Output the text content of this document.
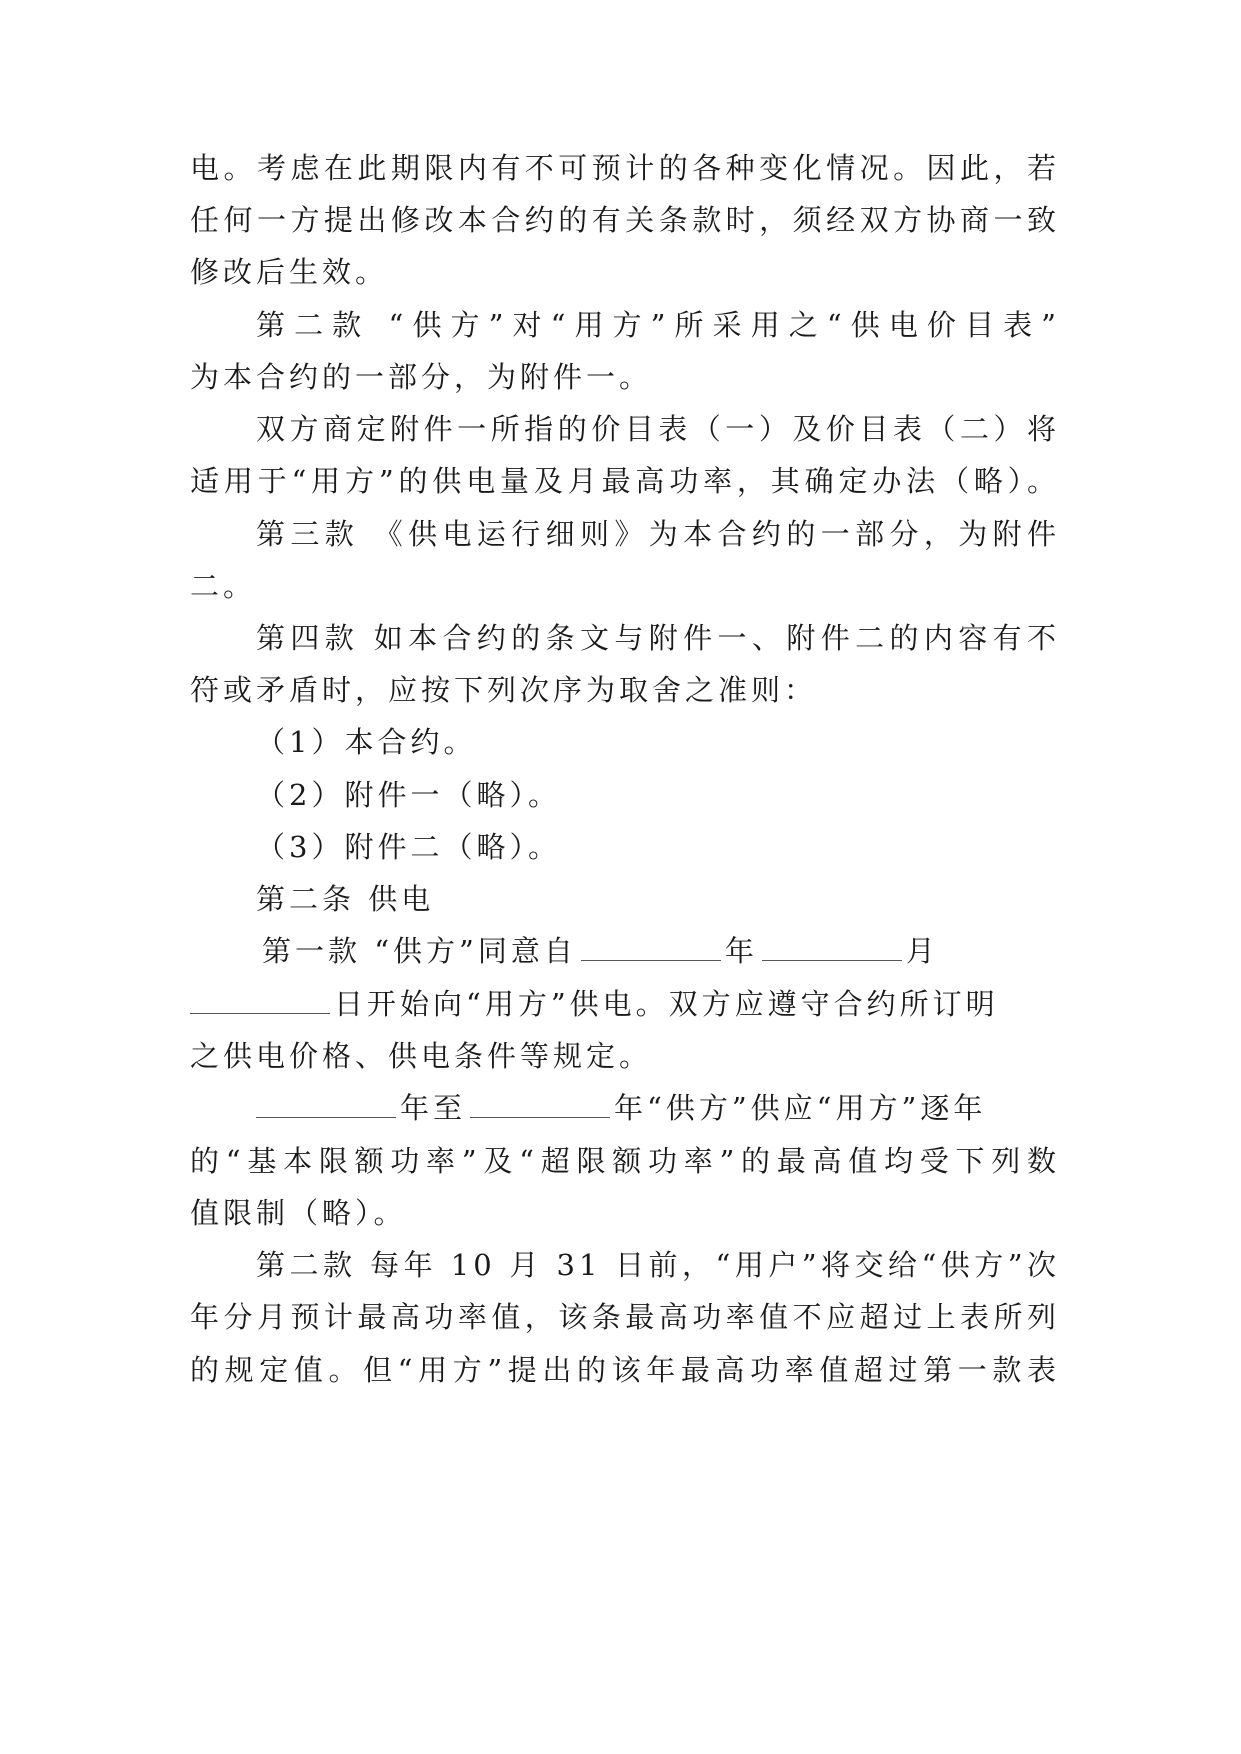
电。考虑在此期限内有不可预计的各种变化情况。因此，若
任何一方提出修改本合约的有关条款时，须经双方协商一致
修改后生效。
第二款 “供方”对“用方”所采用之“供电价目表”
为本合约的一部分，为附件一。
双方商定附件一所指的价目表（一）及价目表（二）将
适用于“用方”的供电量及月最高功率，其确定办法（略）。
第三款 《供电运行细则》为本合约的一部分，为附件
二。
第四款 如本合约的条文与附件一、附件二的内容有不
符或矛盾时，应按下列次序为取舍之准则：
（1）本合约。
（2）附件一（略）。
（3）附件二（略）。
第二条 供电
第一款 “供方”同意自	年	月
日开始向“用方”供电。双方应遵守合约所订明
之供电价格、供电条件等规定。
年至	年“供方”供应“用方”逐年
的“基本限额功率”及“超限额功率”的最高值均受下列数
值限制（略）。
第二款 每年 10 月 31 日前，“用户”将交给“供方”次
年分月预计最高功率值，该条最高功率值不应超过上表所列
的规定值。但“用方”提出的该年最高功率值超过第一款表
